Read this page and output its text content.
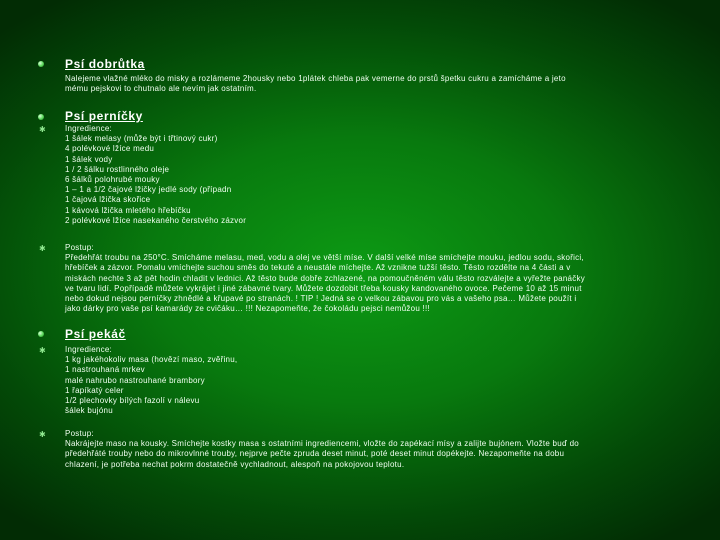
Psí dobrůtka
Nalejeme vlažné mléko do misky a rozlámeme 2housky nebo 1plátek chleba pak vemerne do prstů špetku cukru a zamícháme a jeto
mému pejskovi to chutnalo ale nevím jak ostatním.
Psí perníčky
✱ Ingredience:
1 šálek melasy (může být i třtinový cukr)
4 polévkové lžíce medu
1 šálek vody
1 / 2 šálku rostlinného oleje
6 šálků polohrubé mouky
1 – 1 a 1/2 čajové lžičky jedlé sody (případn
1 čajová lžička skořice
1 kávová lžička mletého hřebíčku
2 polévkové lžíce nasekaného čerstvého zázvor
✱ Postup:
Předehřát troubu na 250°C. Smícháme melasu, med, vodu a olej ve větší míse. V další velké míse smíchejte mouku, jedlou sodu, skořici,
hřebíček a zázvor. Pomalu vmíchejte suchou směs do tekuté a neustále míchejte. Až vznikne tužší těsto. Těsto rozdělte na 4 části a v
miskách nechte 3 až pět hodin chladit v lednici. Až těsto bude dobře zchlazené, na pomoučněném válu těsto rozválejte a vyřežte panáčky
ve tvaru lidí. Popřípadě můžete vykrájet i jiné zábavné tvary. Můžete dozdobit třeba kousky kandovaného ovoce. Pečeme 10 až 15 minut
nebo dokud nejsou perníčky zhnědlé a křupavé po stranách. ! TIP ! Jedná se o velkou zábavou pro vás a vašeho psa… Můžete použít i
jako dárky pro vaše psí kamarády ze cvičáku… !!! Nezapomeňte, že čokoládu pejsci nemůžou !!!
Psí pekáč
✱ Ingredience:
1 kg jakéhokoliv masa (hovězí maso, zvěřinu,
1 nastrouhaná mrkev
malé nahrubo nastrouhané brambory
1 řapíkatý celer
1/2 plechovky bílých fazolí v nálevu
šálek bujónu
✱ Postup:
Nakrájejte maso na kousky. Smíchejte kostky masa s ostatními ingrediencemi, vložte do zapékací mísy a zalijte bujónem. Vložte buď do
předehřáté trouby nebo do mikrovlnné trouby, nejprve pečte zpruda deset minut, poté deset minut dopékejte. Nezapomeňte na dobu
chlazení, je potřeba nechat pokrm dostatečně vychladnout, alespoň na pokojovou teplotu.
